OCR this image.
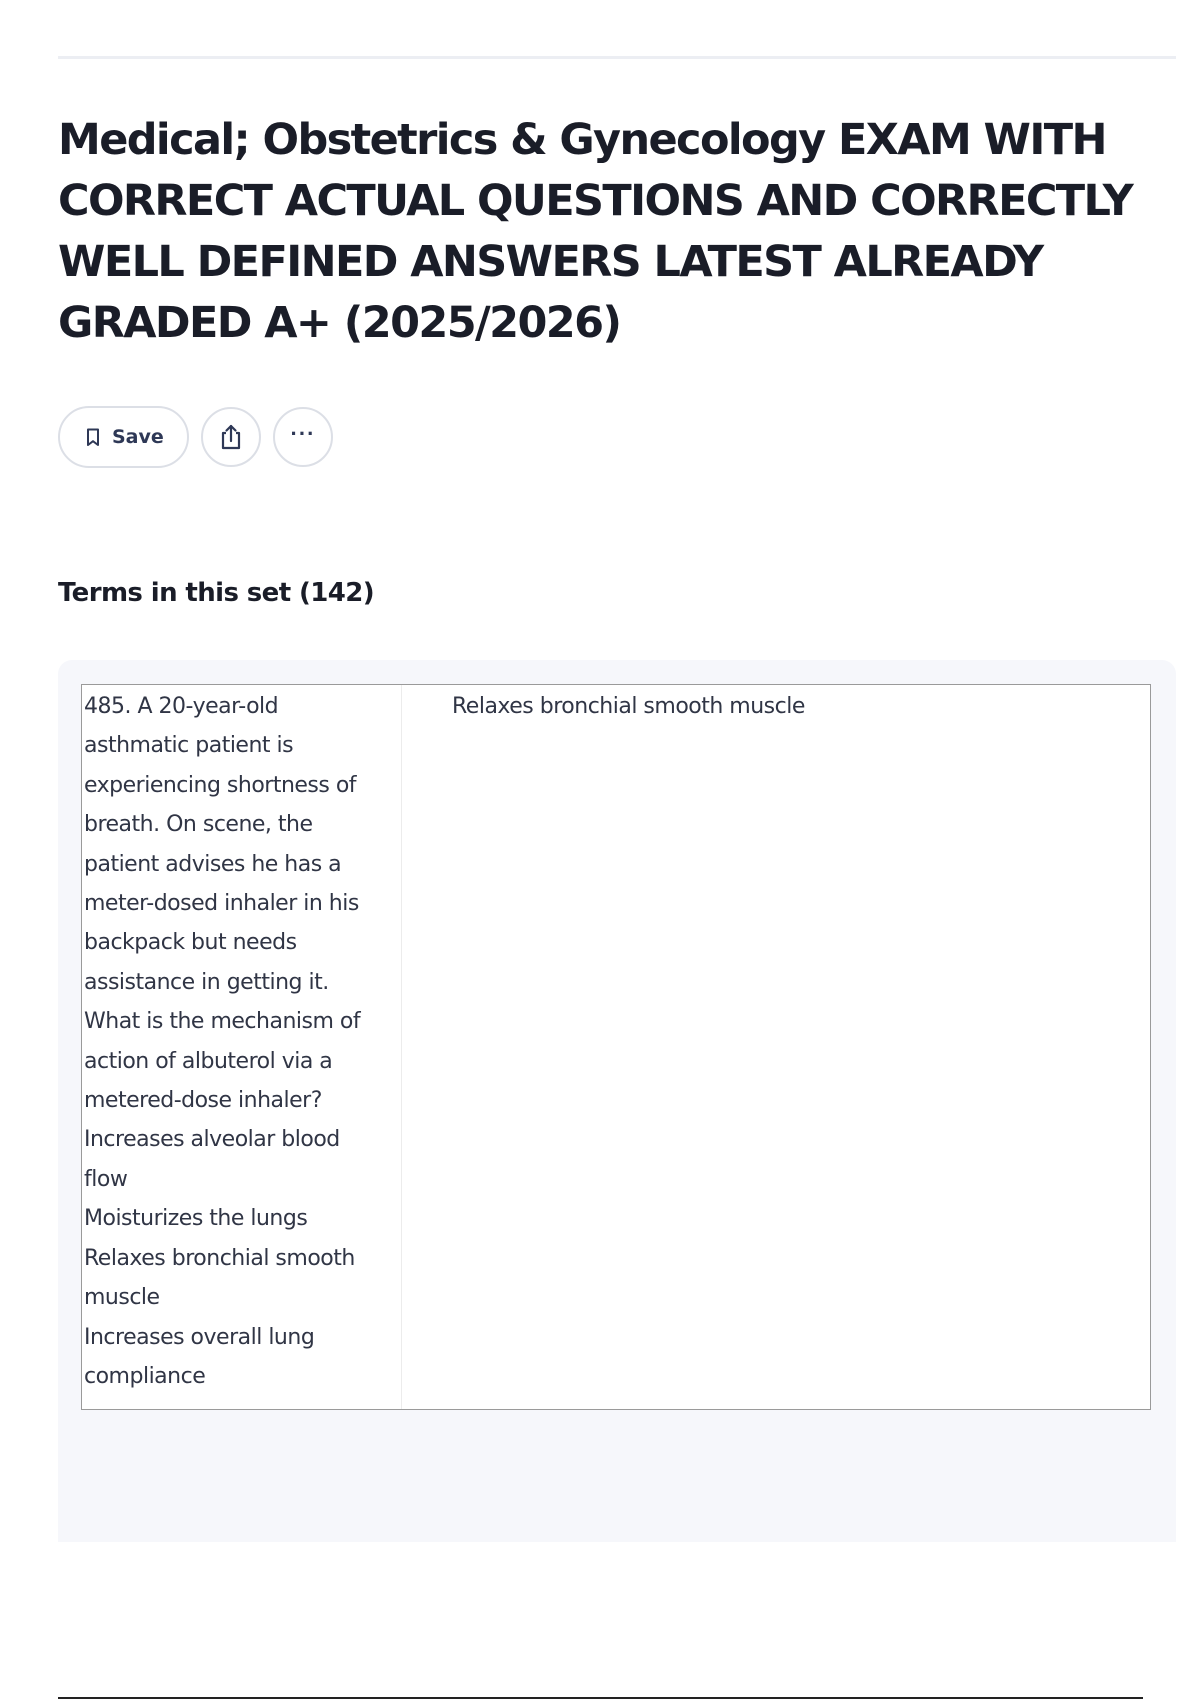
Medical; Obstetrics & Gynecology EXAM WITH
CORRECT ACTUAL QUESTIONS AND CORRECTLY
WELL DEFINED ANSWERS LATEST ALREADY
GRADED A+ (2025/2026)
Save	···
Terms in this set (142)
485. A 20-year-old
asthmatic patient is
experiencing shortness of
breath. On scene, the
patient advises he has a
meter-dosed inhaler in his
backpack but needs
assistance in getting it.
What is the mechanism of
action of albuterol via a
metered-dose inhaler?
Increases alveolar blood
flow
Moisturizes the lungs
Relaxes bronchial smooth
muscle
Increases overall lung
compliance
Relaxes bronchial smooth muscle
